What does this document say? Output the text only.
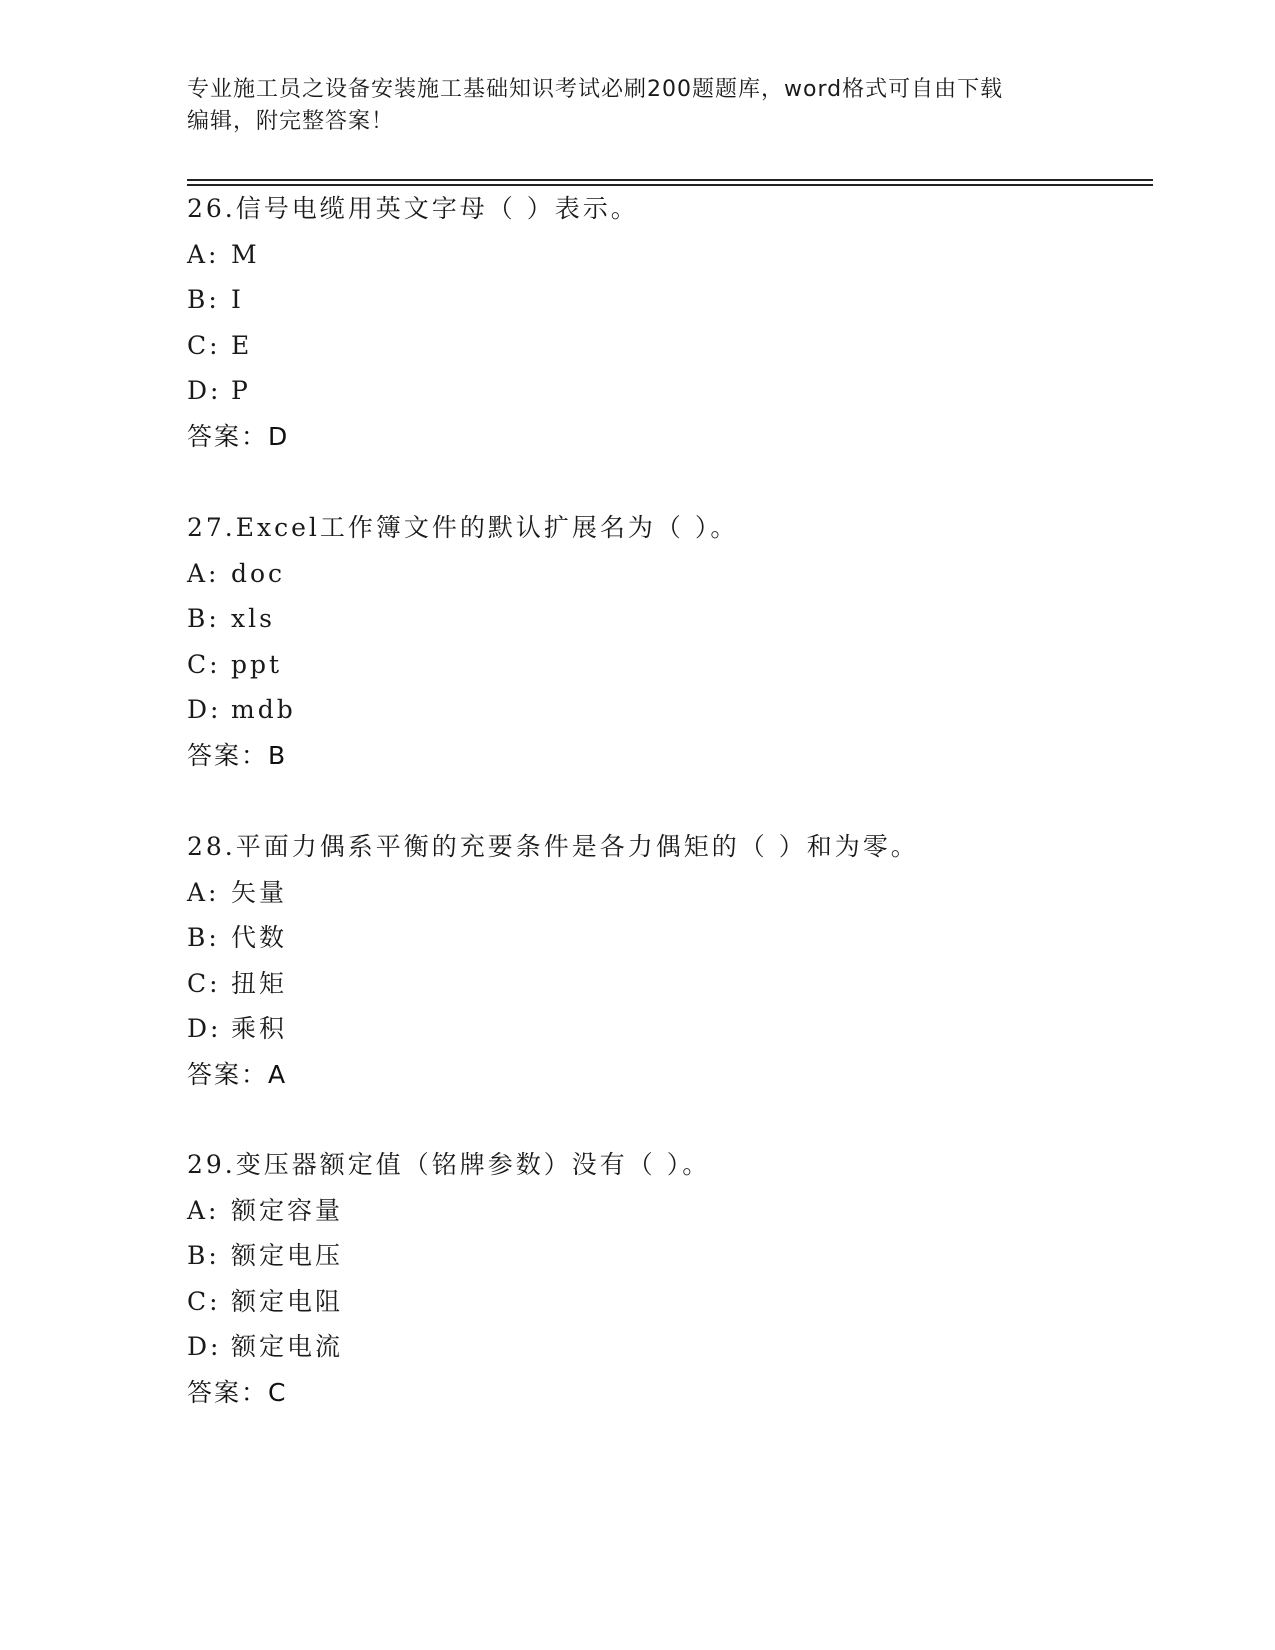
专业施工员之设备安装施工基础知识考试必刷200题题库，word格式可自由下载
编辑，附完整答案！
26.信号电缆用英文字母（ ）表示。
A: M
B: I
C: E
D: P
答案：D
27.Excel工作簿文件的默认扩展名为（ ）。
A: doc
B: xls
C: ppt
D: mdb
答案：B
28.平面力偶系平衡的充要条件是各力偶矩的（ ）和为零。
A: 矢量
B: 代数
C: 扭矩
D: 乘积
答案：A
29.变压器额定值（铭牌参数）没有（ ）。
A: 额定容量
B: 额定电压
C: 额定电阻
D: 额定电流
答案：C
